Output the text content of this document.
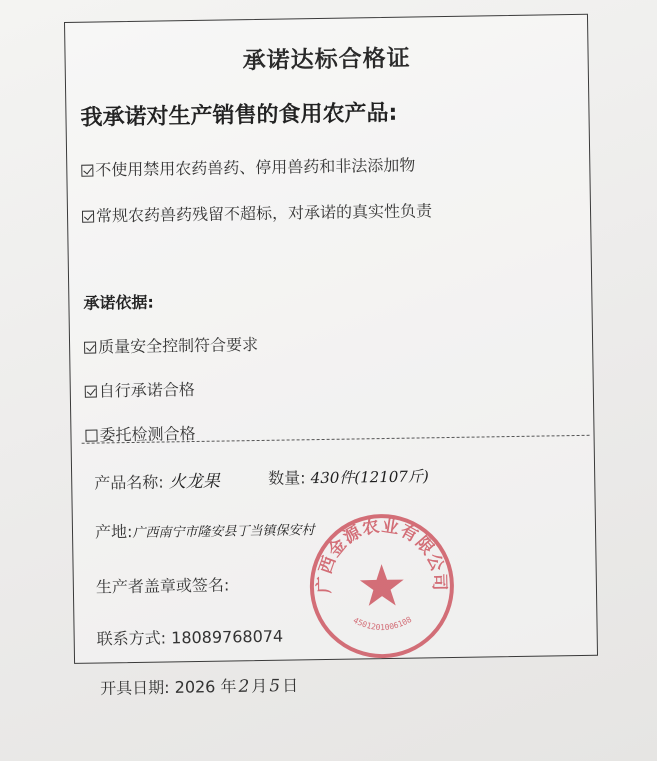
承诺达标合格证
我承诺对生产销售的食用农产品:
不使用禁用农药兽药、停用兽药和非法添加物
常规农药兽药残留不超标，对承诺的真实性负责
承诺依据:
质量安全控制符合要求
自行承诺合格
委托检测合格
产品名称: 火龙果	数量: 430件(12107斤)
产地:广西南宁市隆安县丁当镇保安村
生产者盖章或签名:
联系方式: 18089768074
广西金源农业有限公司
4501201006108
开具日期: 2026 年 2 月 5 日
